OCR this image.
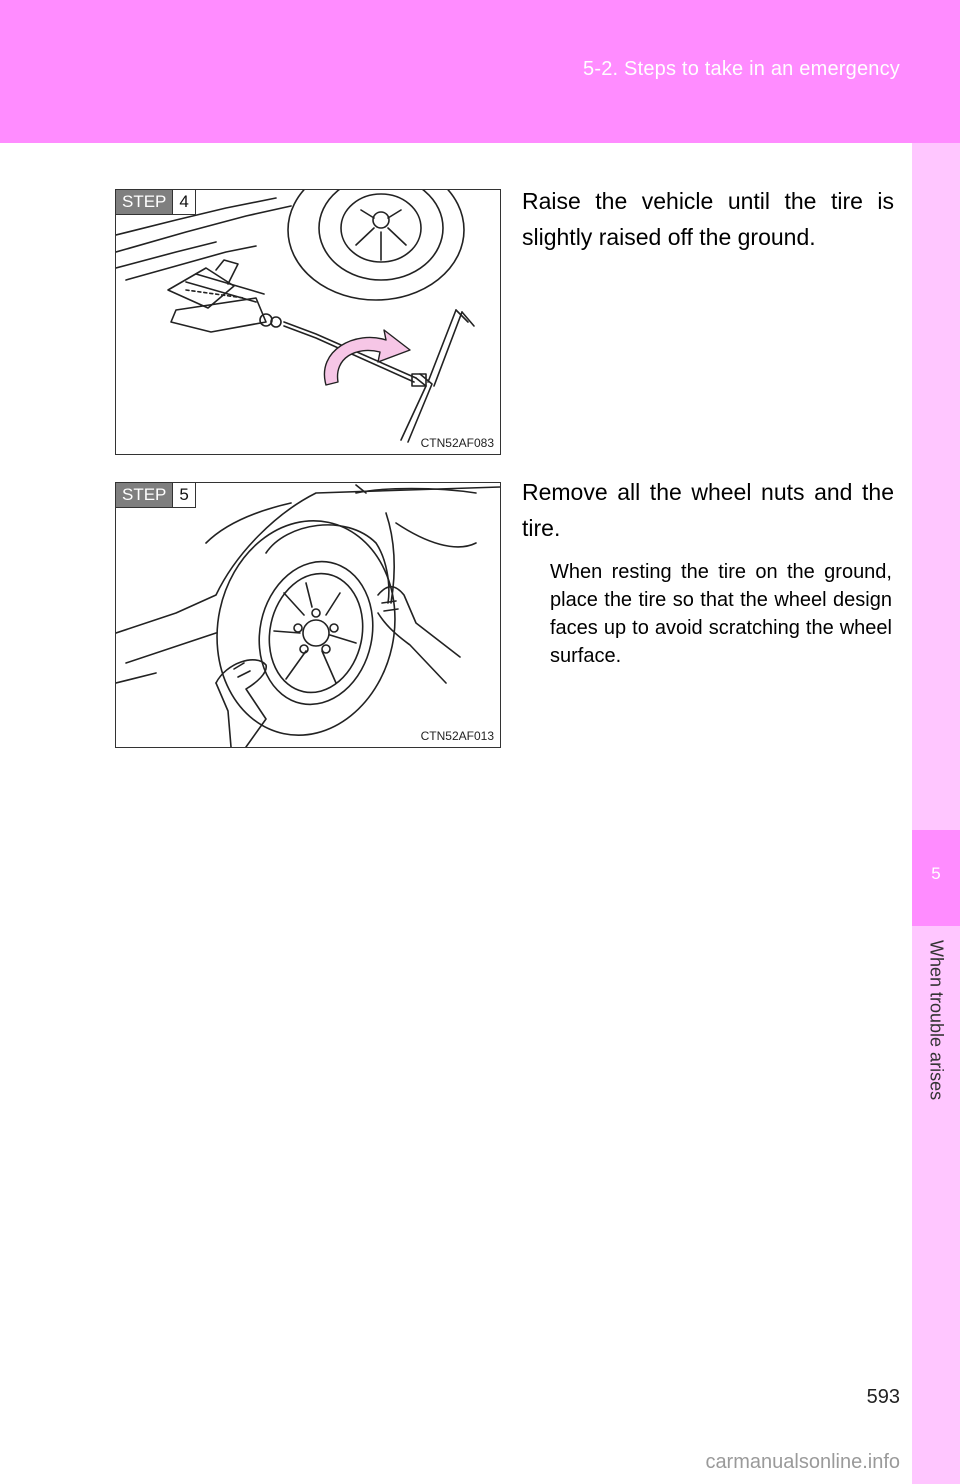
5-2. Steps to take in an emergency
5
When trouble arises
STEP 4
CTN52AF083
Raise the vehicle until the tire is slightly raised off the ground.
STEP 5
CTN52AF013
Remove all the wheel nuts and the tire.
When resting the tire on the ground, place the tire so that the wheel design faces up to avoid scratching the wheel surface.
593
carmanualsonline.info
